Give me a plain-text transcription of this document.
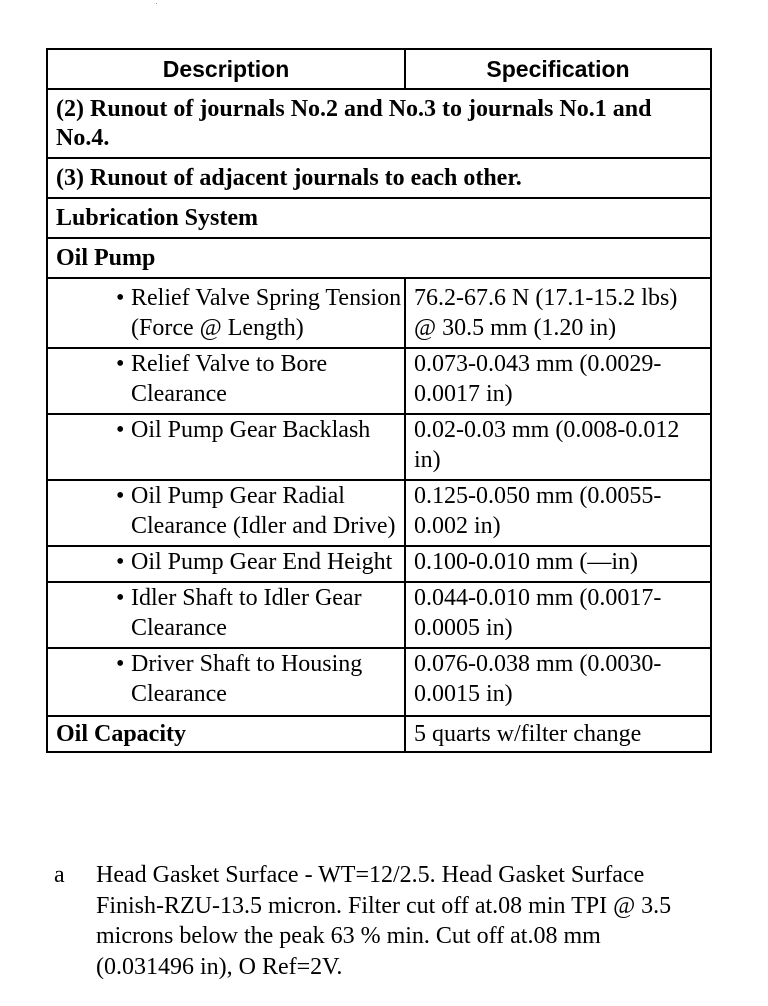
Description	Specification
(2) Runout of journals No.2 and No.3 to journals No.1 and No.4.	
(3) Runout of adjacent journals to each other.	
Lubrication System	
Oil Pump	

• Relief Valve Spring Tension (Force @ Length)	76.2-67.6 N (17.1-15.2 lbs) @ 30.5 mm (1.20 in)

• Relief Valve to Bore Clearance	0.073-0.043 mm (0.0029-0.0017 in)

• Oil Pump Gear Backlash	0.02-0.03 mm (0.008-0.012 in)

• Oil Pump Gear Radial Clearance (Idler and Drive)	0.125-0.050 mm (0.0055-0.002 in)

• Oil Pump Gear End Height	0.100-0.010 mm (—in)

• Idler Shaft to Idler Gear Clearance	0.044-0.010 mm (0.0017-0.0005 in)

• Driver Shaft to Housing Clearance	0.076-0.038 mm (0.0030-0.0015 in)

Oil Capacity	5 quarts w/filter change
a Head Gasket Surface - WT=12/2.5. Head Gasket Surface Finish-RZU-13.5 micron. Filter cut off at.08 min TPI @ 3.5 microns below the peak 63 % min. Cut off at.08 mm (0.031496 in), O Ref=2V.
